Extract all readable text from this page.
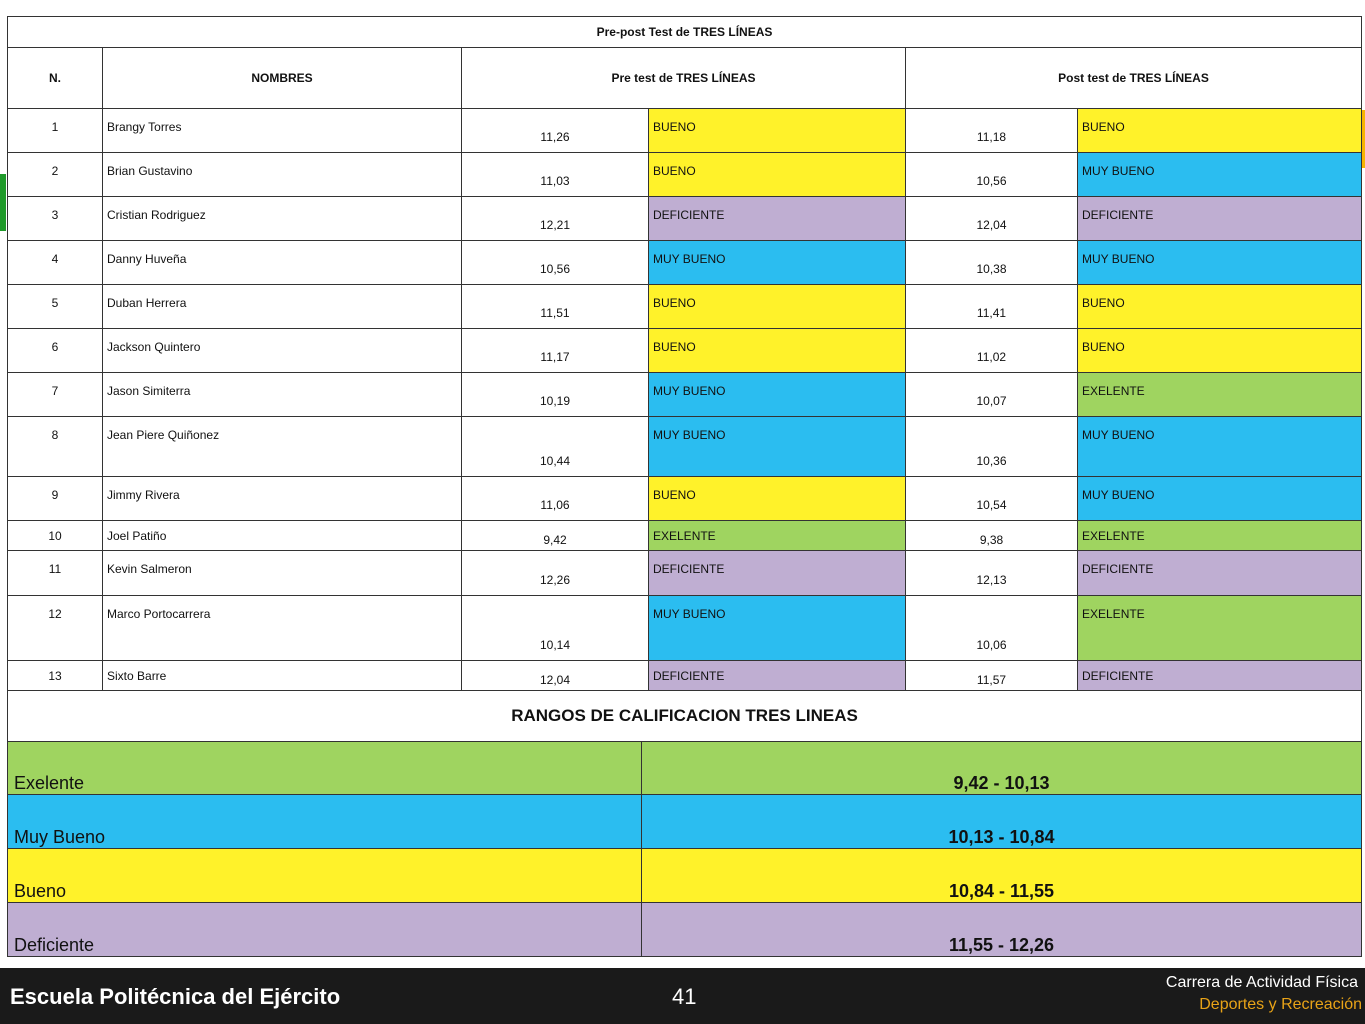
Pre-post Test de TRES LÍNEAS					
N.	NOMBRES	Pre test de TRES LÍNEAS		Post test de TRES LÍNEAS	
1	Brangy Torres	11,26	BUENO	11,18	BUENO
2	Brian Gustavino	11,03	BUENO	10,56	MUY BUENO
3	Cristian Rodriguez	12,21	DEFICIENTE	12,04	DEFICIENTE
4	Danny Huveña	10,56	MUY BUENO	10,38	MUY BUENO
5	Duban Herrera	11,51	BUENO	11,41	BUENO
6	Jackson Quintero	11,17	BUENO	11,02	BUENO
7	Jason Simiterra	10,19	MUY BUENO	10,07	EXELENTE
8	Jean Piere Quiñonez	10,44	MUY BUENO	10,36	MUY BUENO
9	Jimmy Rivera	11,06	BUENO	10,54	MUY BUENO
10	Joel Patiño	9,42	EXELENTE	9,38	EXELENTE
11	Kevin Salmeron	12,26	DEFICIENTE	12,13	DEFICIENTE
12	Marco Portocarrera	10,14	MUY BUENO	10,06	EXELENTE
13	Sixto Barre	12,04	DEFICIENTE	11,57	DEFICIENTE
RANGOS DE CALIFICACION TRES LINEAS	
Exelente	9,42 - 10,13
Muy Bueno	10,13 - 10,84
Bueno	10,84 - 11,55
Deficiente	11,55 - 12,26
Escuela Politécnica del Ejército	41
Carrera de Actividad Física
Deportes y Recreación
